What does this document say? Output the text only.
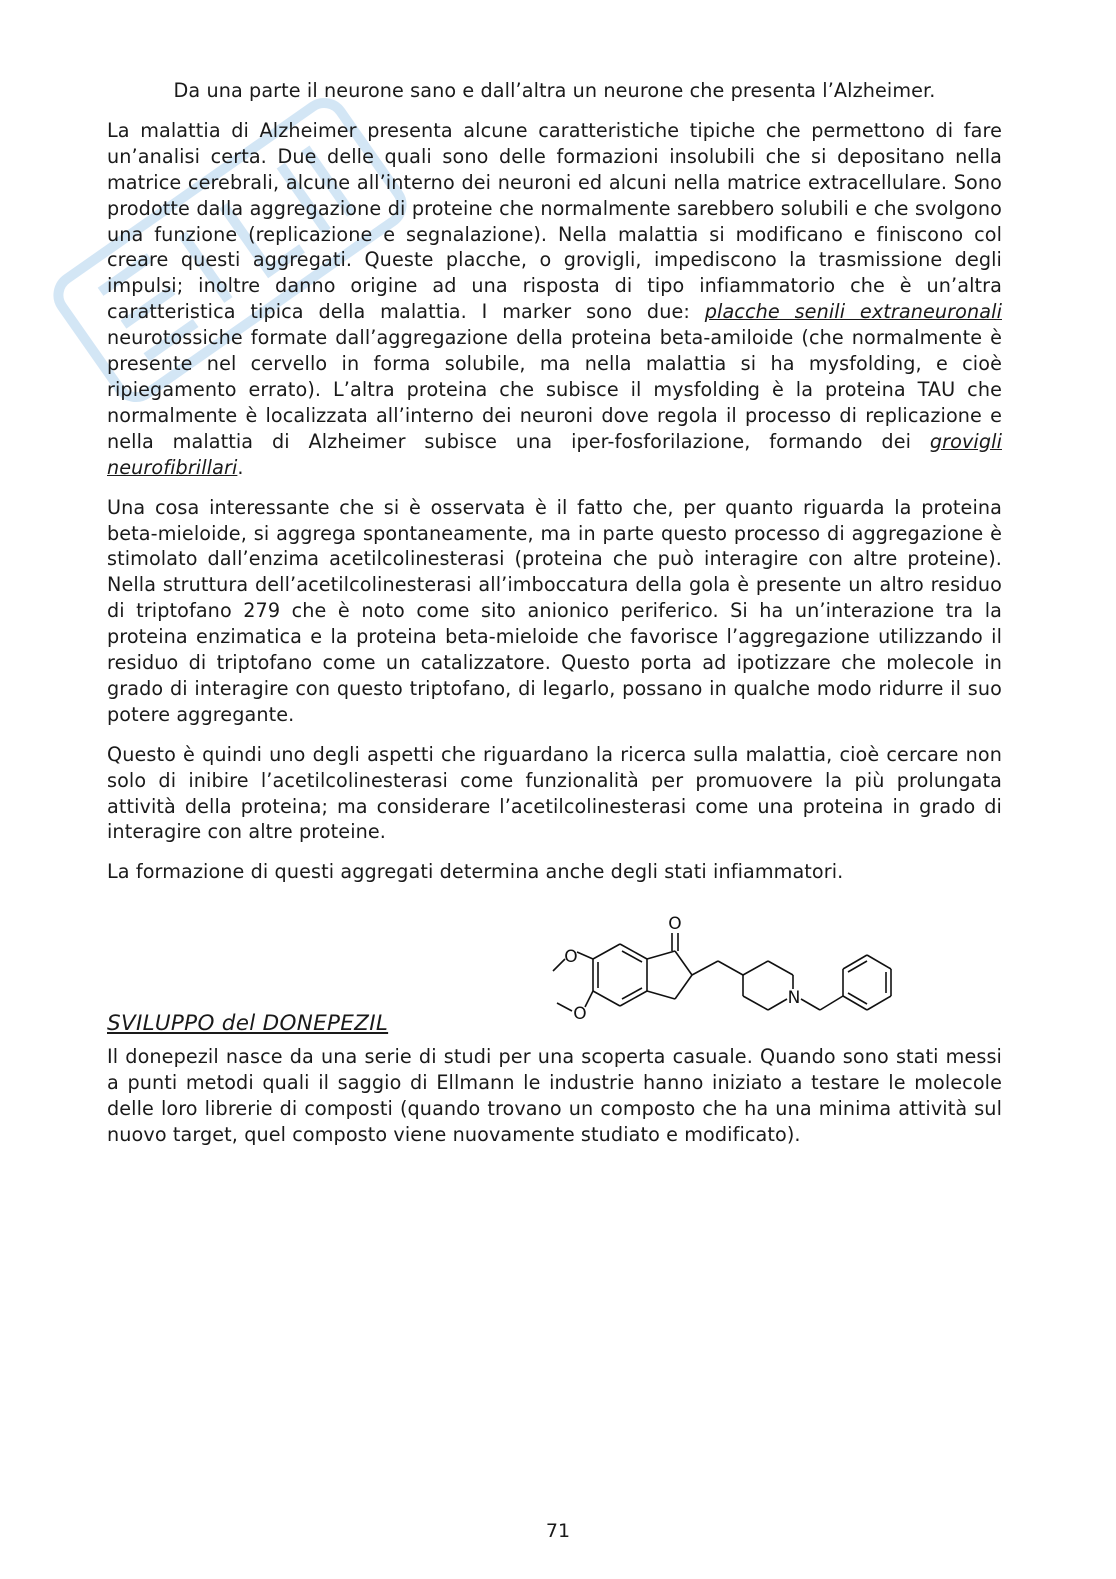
Da una parte il neurone sano e dall’altra un neurone che presenta l’Alzheimer.

La malattia di Alzheimer presenta alcune caratteristiche tipiche che permettono di fare un’analisi certa. Due delle quali sono delle formazioni insolubili che si depositano nella matrice cerebrali, alcune all’interno dei neuroni ed alcuni nella matrice extracellulare. Sono prodotte dalla aggregazione di proteine che normalmente sarebbero solubili e che svolgono una funzione (replicazione e segnalazione). Nella malattia si modificano e finiscono col creare questi aggregati. Queste placche, o grovigli, impediscono la trasmissione degli impulsi; inoltre danno origine ad una risposta di tipo infiammatorio che è un’altra caratteristica tipica della malattia. I marker sono due: placche senili extraneuronali neurotossiche formate dall’aggregazione della proteina beta-amiloide (che normalmente è presente nel cervello in forma solubile, ma nella malattia si ha mysfolding, e cioè ripiegamento errato). L’altra proteina che subisce il mysfolding è la proteina TAU che normalmente è localizzata all’interno dei neuroni dove regola il processo di replicazione e nella malattia di Alzheimer subisce una iper-fosforilazione, formando dei grovigli neurofibrillari.

Una cosa interessante che si è osservata è il fatto che, per quanto riguarda la proteina beta-mieloide, si aggrega spontaneamente, ma in parte questo processo di aggregazione è stimolato dall’enzima acetilcolinesterasi (proteina che può interagire con altre proteine). Nella struttura dell’acetilcolinesterasi all’imboccatura della gola è presente un altro residuo di triptofano 279 che è noto come sito anionico periferico. Si ha un’interazione tra la proteina enzimatica e la proteina beta-mieloide che favorisce l’aggregazione utilizzando il residuo di triptofano come un catalizzatore. Questo porta ad ipotizzare che molecole in grado di interagire con questo triptofano, di legarlo, possano in qualche modo ridurre il suo potere aggregante.

Questo è quindi uno degli aspetti che riguardano la ricerca sulla malattia, cioè cercare non solo di inibire l’acetilcolinesterasi come funzionalità per promuovere la più prolungata attività della proteina; ma considerare l’acetilcolinesterasi come una proteina in grado di interagire con altre proteine.

La formazione di questi aggregati determina anche degli stati infiammatori.

O
O
O
N
SVILUPPO del DONEPEZIL

Il donepezil nasce da una serie di studi per una scoperta casuale. Quando sono stati messi a punti metodi quali il saggio di Ellmann le industrie hanno iniziato a testare le molecole delle loro librerie di composti (quando trovano un composto che ha una minima attività sul nuovo target, quel composto viene nuovamente studiato e modificato).

71
